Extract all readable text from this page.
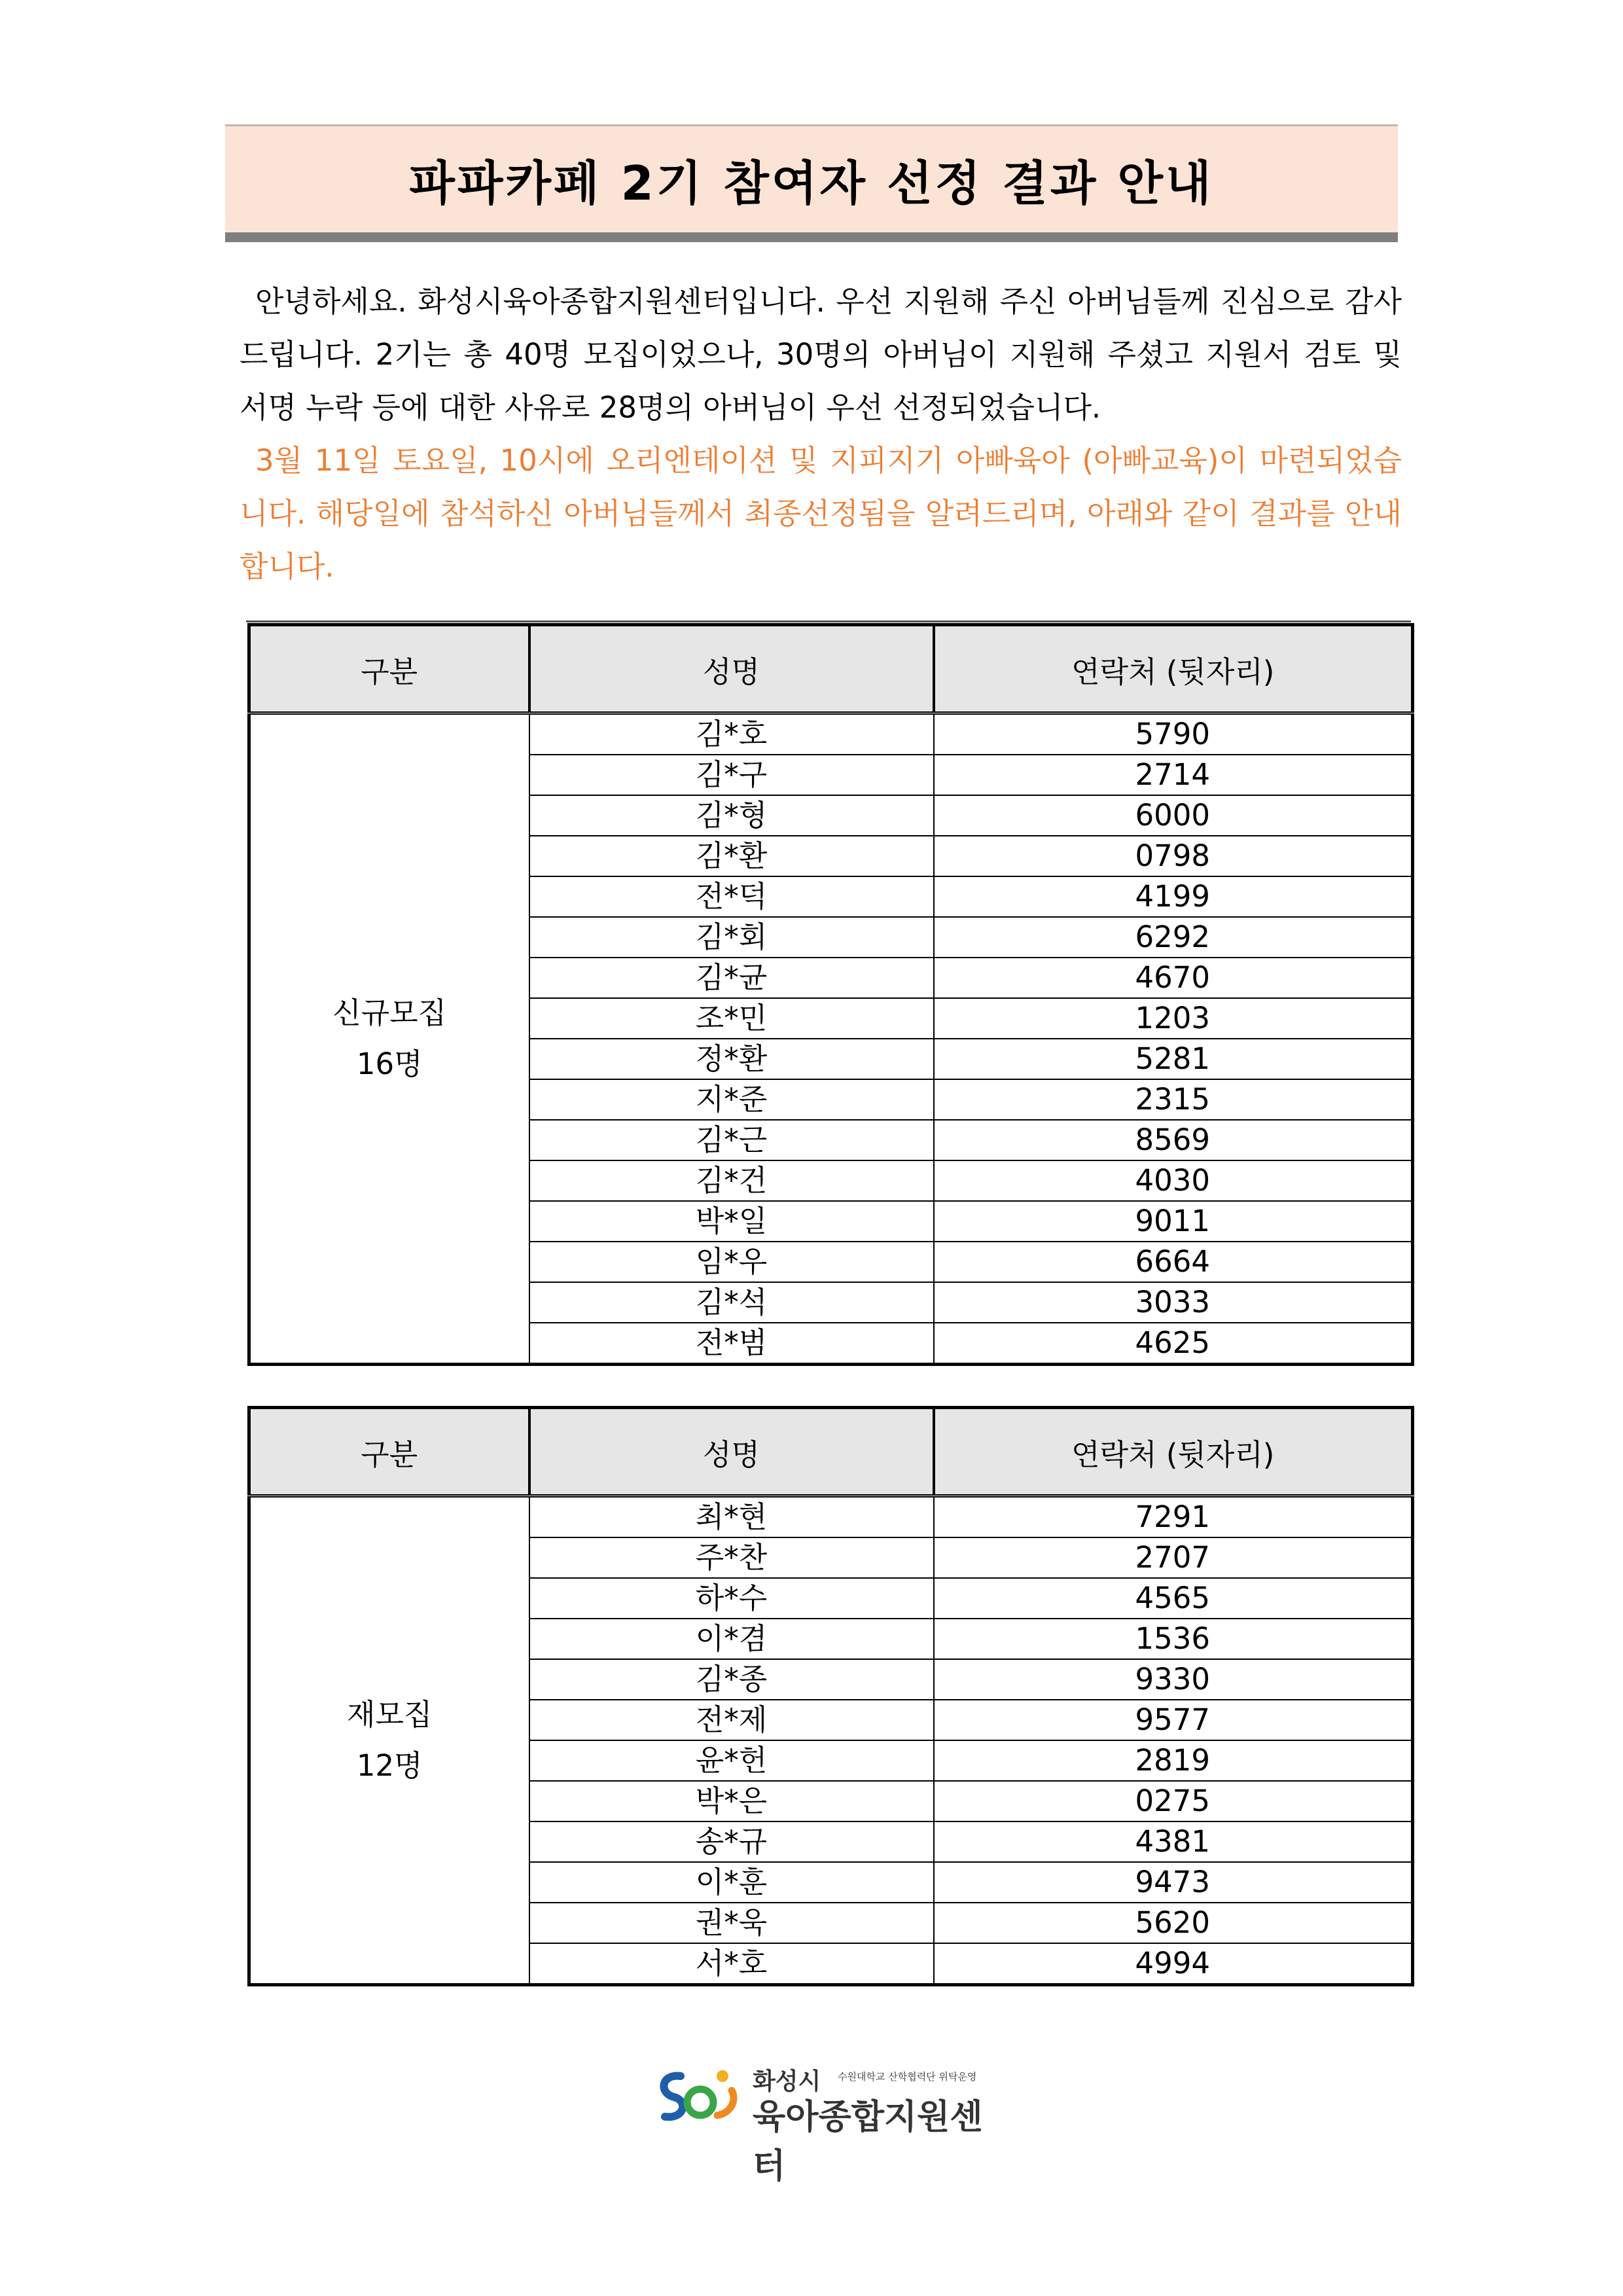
파파카페 2기 참여자 선정 결과 안내

안녕하세요. 화성시육아종합지원센터입니다. 우선 지원해 주신 아버님들께 진심으로 감사드립니다. 2기는 총 40명 모집이었으나, 30명의 아버님이 지원해 주셨고 지원서 검토 및 서명 누락 등에 대한 사유로 28명의 아버님이 우선 선정되었습니다.

3월 11일 토요일, 10시에 오리엔테이션 및 지피지기 아빠육아 (아빠교육)이 마련되었습니다. 해당일에 참석하신 아버님들께서 최종선정됨을 알려드리며, 아래와 같이 결과를 안내합니다.

구분	성명	연락처 (뒷자리)

신규모집
16명	김*호	5790
	김*구	2714
	김*형	6000
	김*환	0798
	전*덕	4199
	김*회	6292
	김*균	4670
	조*민	1203
	정*환	5281
	지*준	2315
	김*근	8569
	김*건	4030
	박*일	9011
	임*우	6664
	김*석	3033
	전*범	4625
구분	성명	연락처 (뒷자리)

재모집
12명	최*현	7291
	주*찬	2707
	하*수	4565
	이*겸	1536
	김*종	9330
	전*제	9577
	윤*헌	2819
	박*은	0275
	송*규	4381
	이*훈	9473
	권*욱	5620
	서*호	4994
화성시 수원대학교 산학협력단 위탁운영
육아종합지원센터
